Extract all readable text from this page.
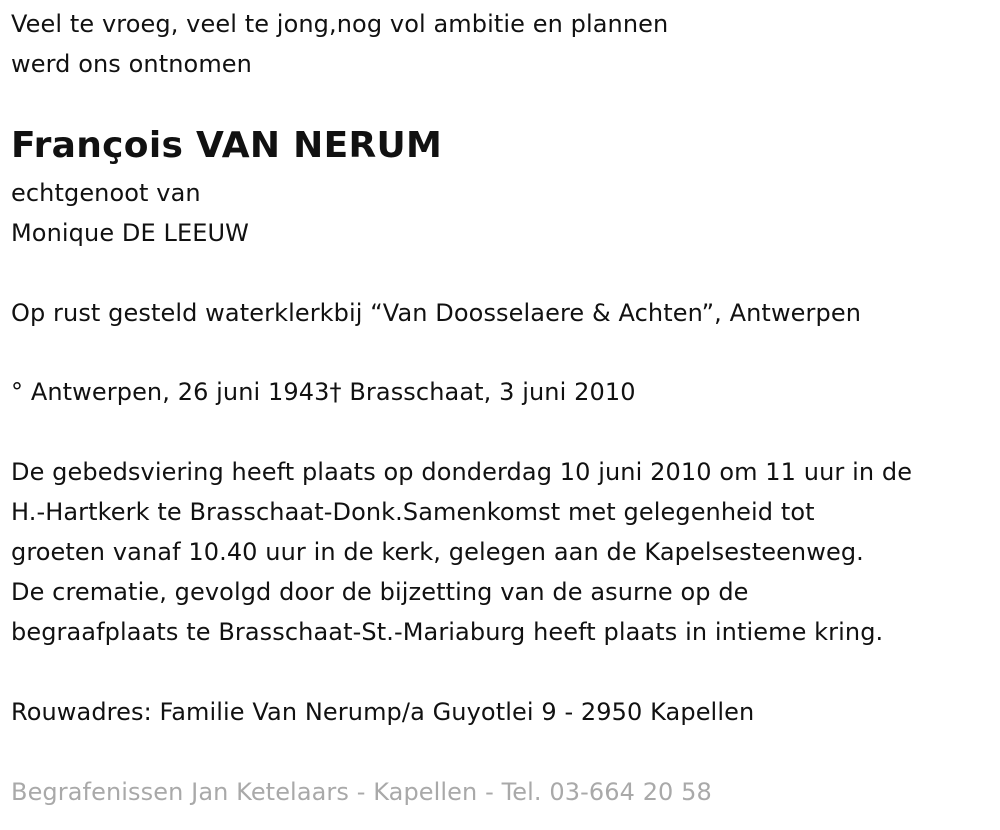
Veel te vroeg, veel te jong,nog vol ambitie en plannen
werd ons ontnomen
François VAN NERUM
echtgenoot van
Monique DE LEEUW
Op rust gesteld waterklerkbij “Van Doosselaere & Achten”, Antwerpen
° Antwerpen, 26 juni 1943† Brasschaat, 3 juni 2010
De gebedsviering heeft plaats op donderdag 10 juni 2010 om 11 uur in de
H.-Hartkerk te Brasschaat-Donk.Samenkomst met gelegenheid tot
groeten vanaf 10.40 uur in de kerk, gelegen aan de Kapelsesteenweg.
De crematie, gevolgd door de bijzetting van de asurne op de
begraafplaats te Brasschaat-St.-Mariaburg heeft plaats in intieme kring.
Rouwadres: Familie Van Nerump/a Guyotlei 9 - 2950 Kapellen
Begrafenissen Jan Ketelaars - Kapellen - Tel. 03-664 20 58
